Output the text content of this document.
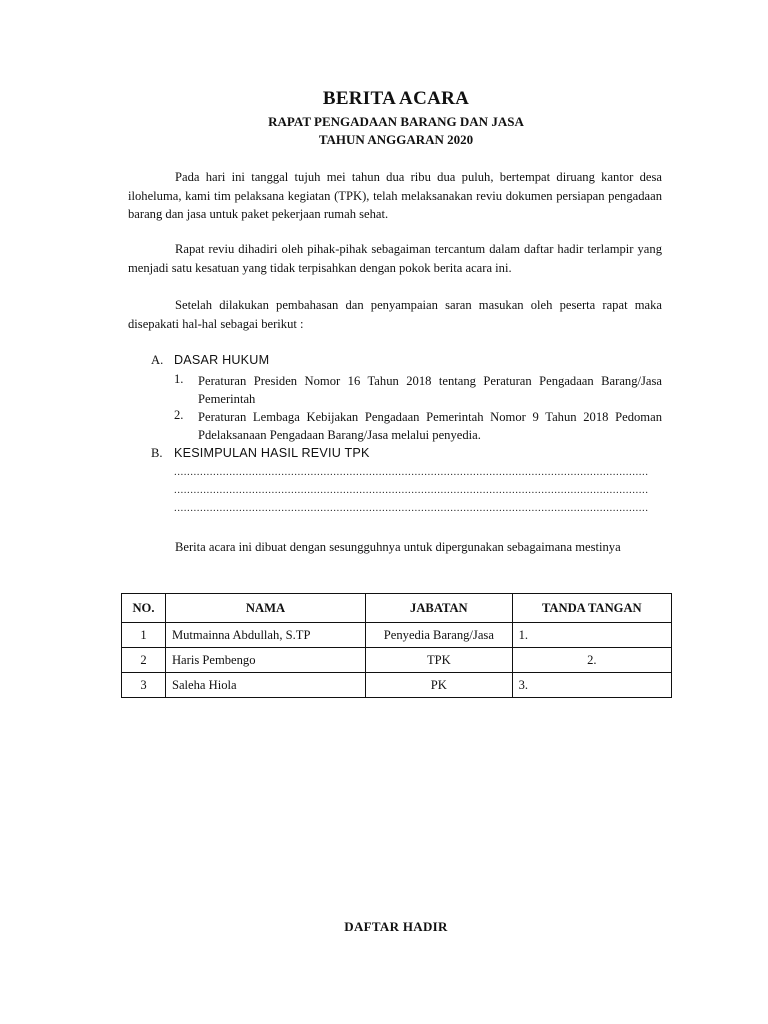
BERITA ACARA
RAPAT PENGADAAN BARANG DAN JASA
TAHUN ANGGARAN 2020
Pada hari ini tanggal tujuh mei tahun dua ribu dua puluh, bertempat diruang kantor desa iloheluma, kami tim pelaksana kegiatan (TPK), telah melaksanakan reviu dokumen persiapan pengadaan barang dan jasa untuk paket pekerjaan rumah sehat.
Rapat reviu dihadiri oleh pihak-pihak sebagaiman tercantum dalam daftar hadir terlampir yang menjadi satu kesatuan yang tidak terpisahkan dengan pokok berita acara ini.
Setelah dilakukan pembahasan dan penyampaian saran masukan oleh peserta rapat maka disepakati hal-hal sebagai berikut :
A. DASAR HUKUM
1. Peraturan Presiden Nomor 16 Tahun 2018 tentang Peraturan Pengadaan Barang/Jasa Pemerintah
2. Peraturan Lembaga Kebijakan Pengadaan Pemerintah Nomor 9 Tahun 2018 Pedoman Pdelaksanaan Pengadaan Barang/Jasa melalui penyedia.
B. KESIMPULAN HASIL REVIU TPK
..................................................................................................................................................
..................................................................................................................................................
..................................................................................................................................................
Berita acara ini dibuat dengan sesungguhnya untuk dipergunakan sebagaimana mestinya
NO.	NAMA	JABATAN	TANDA TANGAN
1	Mutmainna Abdullah, S.TP	Penyedia Barang/Jasa	1.
2	Haris Pembengo	TPK	2.
3	Saleha Hiola	PK	3.
DAFTAR HADIR
